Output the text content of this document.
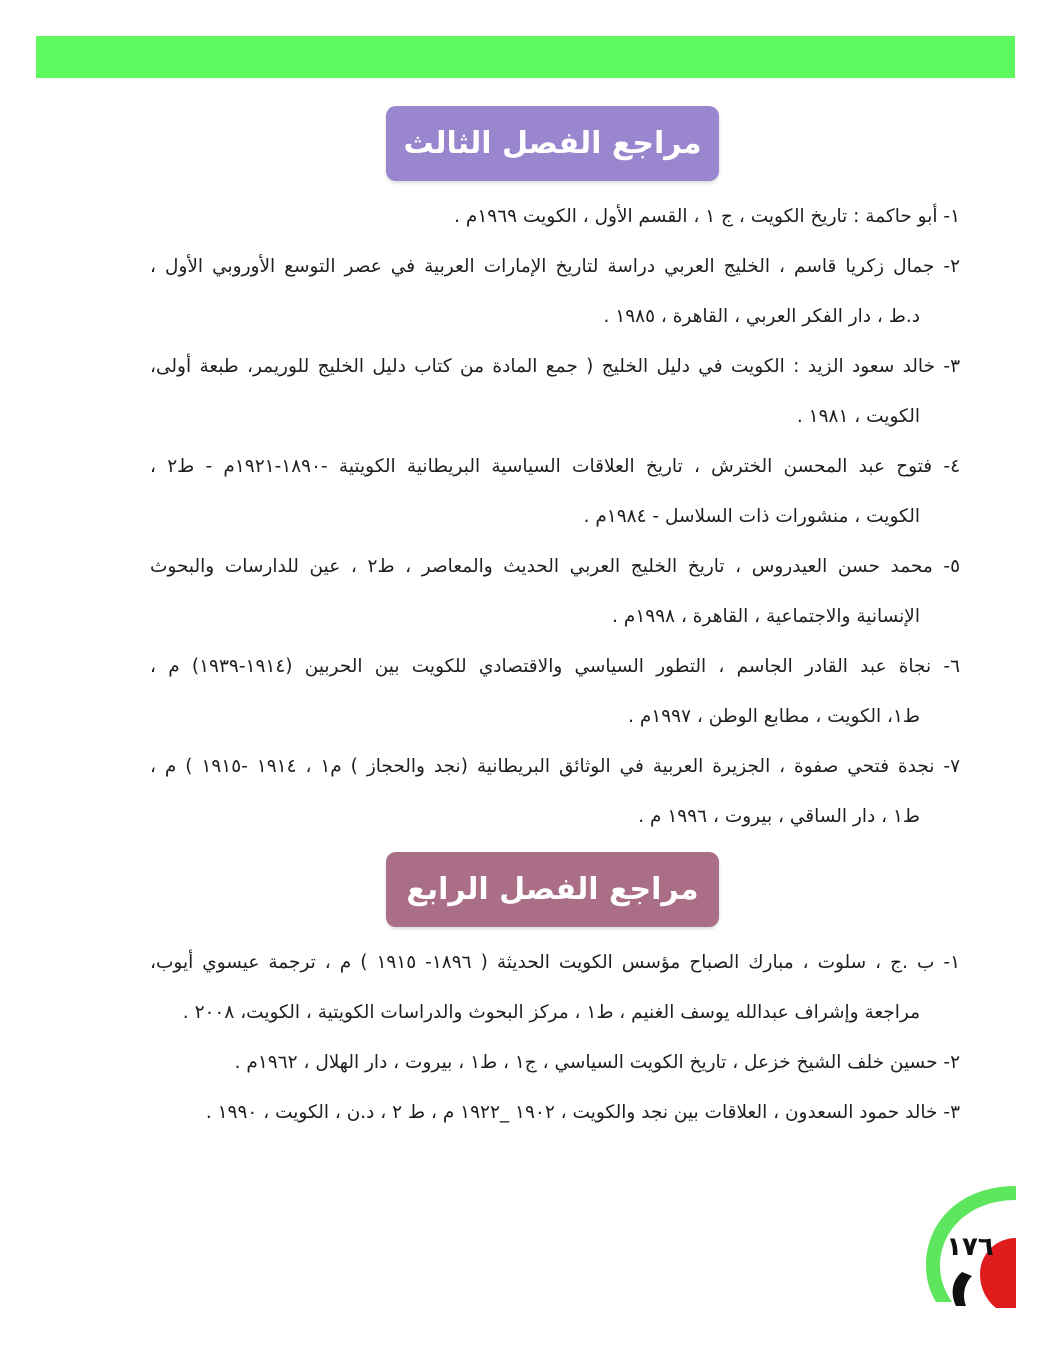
مراجع الفصل الثالث
١- أبو حاكمة : تاريخ الكويت ، ج ١ ، القسم الأول ، الكويت ١٩٦٩م .
٢- جمال زكريا قاسم ، الخليج العربي دراسة لتاريخ الإمارات العربية في عصر التوسع الأوروبي الأول ،
د.ط ، دار الفكر العربي ، القاهرة ، ١٩٨٥ .
٣- خالد سعود الزيد : الكويت في دليل الخليج ( جمع المادة من كتاب دليل الخليج للوريمر، طبعة أولى،
الكويت ، ١٩٨١ .
٤- فتوح عبد المحسن الخترش ، تاريخ العلاقات السياسية البريطانية الكويتية -١٨٩٠-١٩٢١م - ط٢ ،
الكويت ، منشورات ذات السلاسل - ١٩٨٤م .
٥- محمد حسن العيدروس ، تاريخ الخليج العربي الحديث والمعاصر ، ط٢ ، عين للدارسات والبحوث
الإنسانية والاجتماعية ، القاهرة ، ١٩٩٨م .
٦- نجاة عبد القادر الجاسم ، التطور السياسي والاقتصادي للكويت بين الحربين (١٩١٤-١٩٣٩) م ،
ط١، الكويت ، مطابع الوطن ، ١٩٩٧م .
٧- نجدة فتحي صفوة ، الجزيرة العربية في الوثائق البريطانية (نجد والحجاز ) م١ ، ١٩١٤ -١٩١٥ ) م ،
ط١ ، دار الساقي ، بيروت ، ١٩٩٦ م .
مراجع الفصل الرابع
١- ب .ج ، سلوت ، مبارك الصباح مؤسس الكويت الحديثة ( ١٨٩٦- ١٩١٥ ) م ، ترجمة عيسوي أيوب،
مراجعة وإشراف عبدالله يوسف الغنيم ، ط١ ، مركز البحوث والدراسات الكويتية ، الكويت، ٢٠٠٨ .
٢- حسين خلف الشيخ خزعل ، تاريخ الكويت السياسي ، ج١ ، ط١ ، بيروت ، دار الهلال ، ١٩٦٢م .
٣- خالد حمود السعدون ، العلاقات بين نجد والكويت ، ١٩٠٢ _١٩٢٢ م ، ط ٢ ، د.ن ، الكويت ، ١٩٩٠ .
١٧٦
